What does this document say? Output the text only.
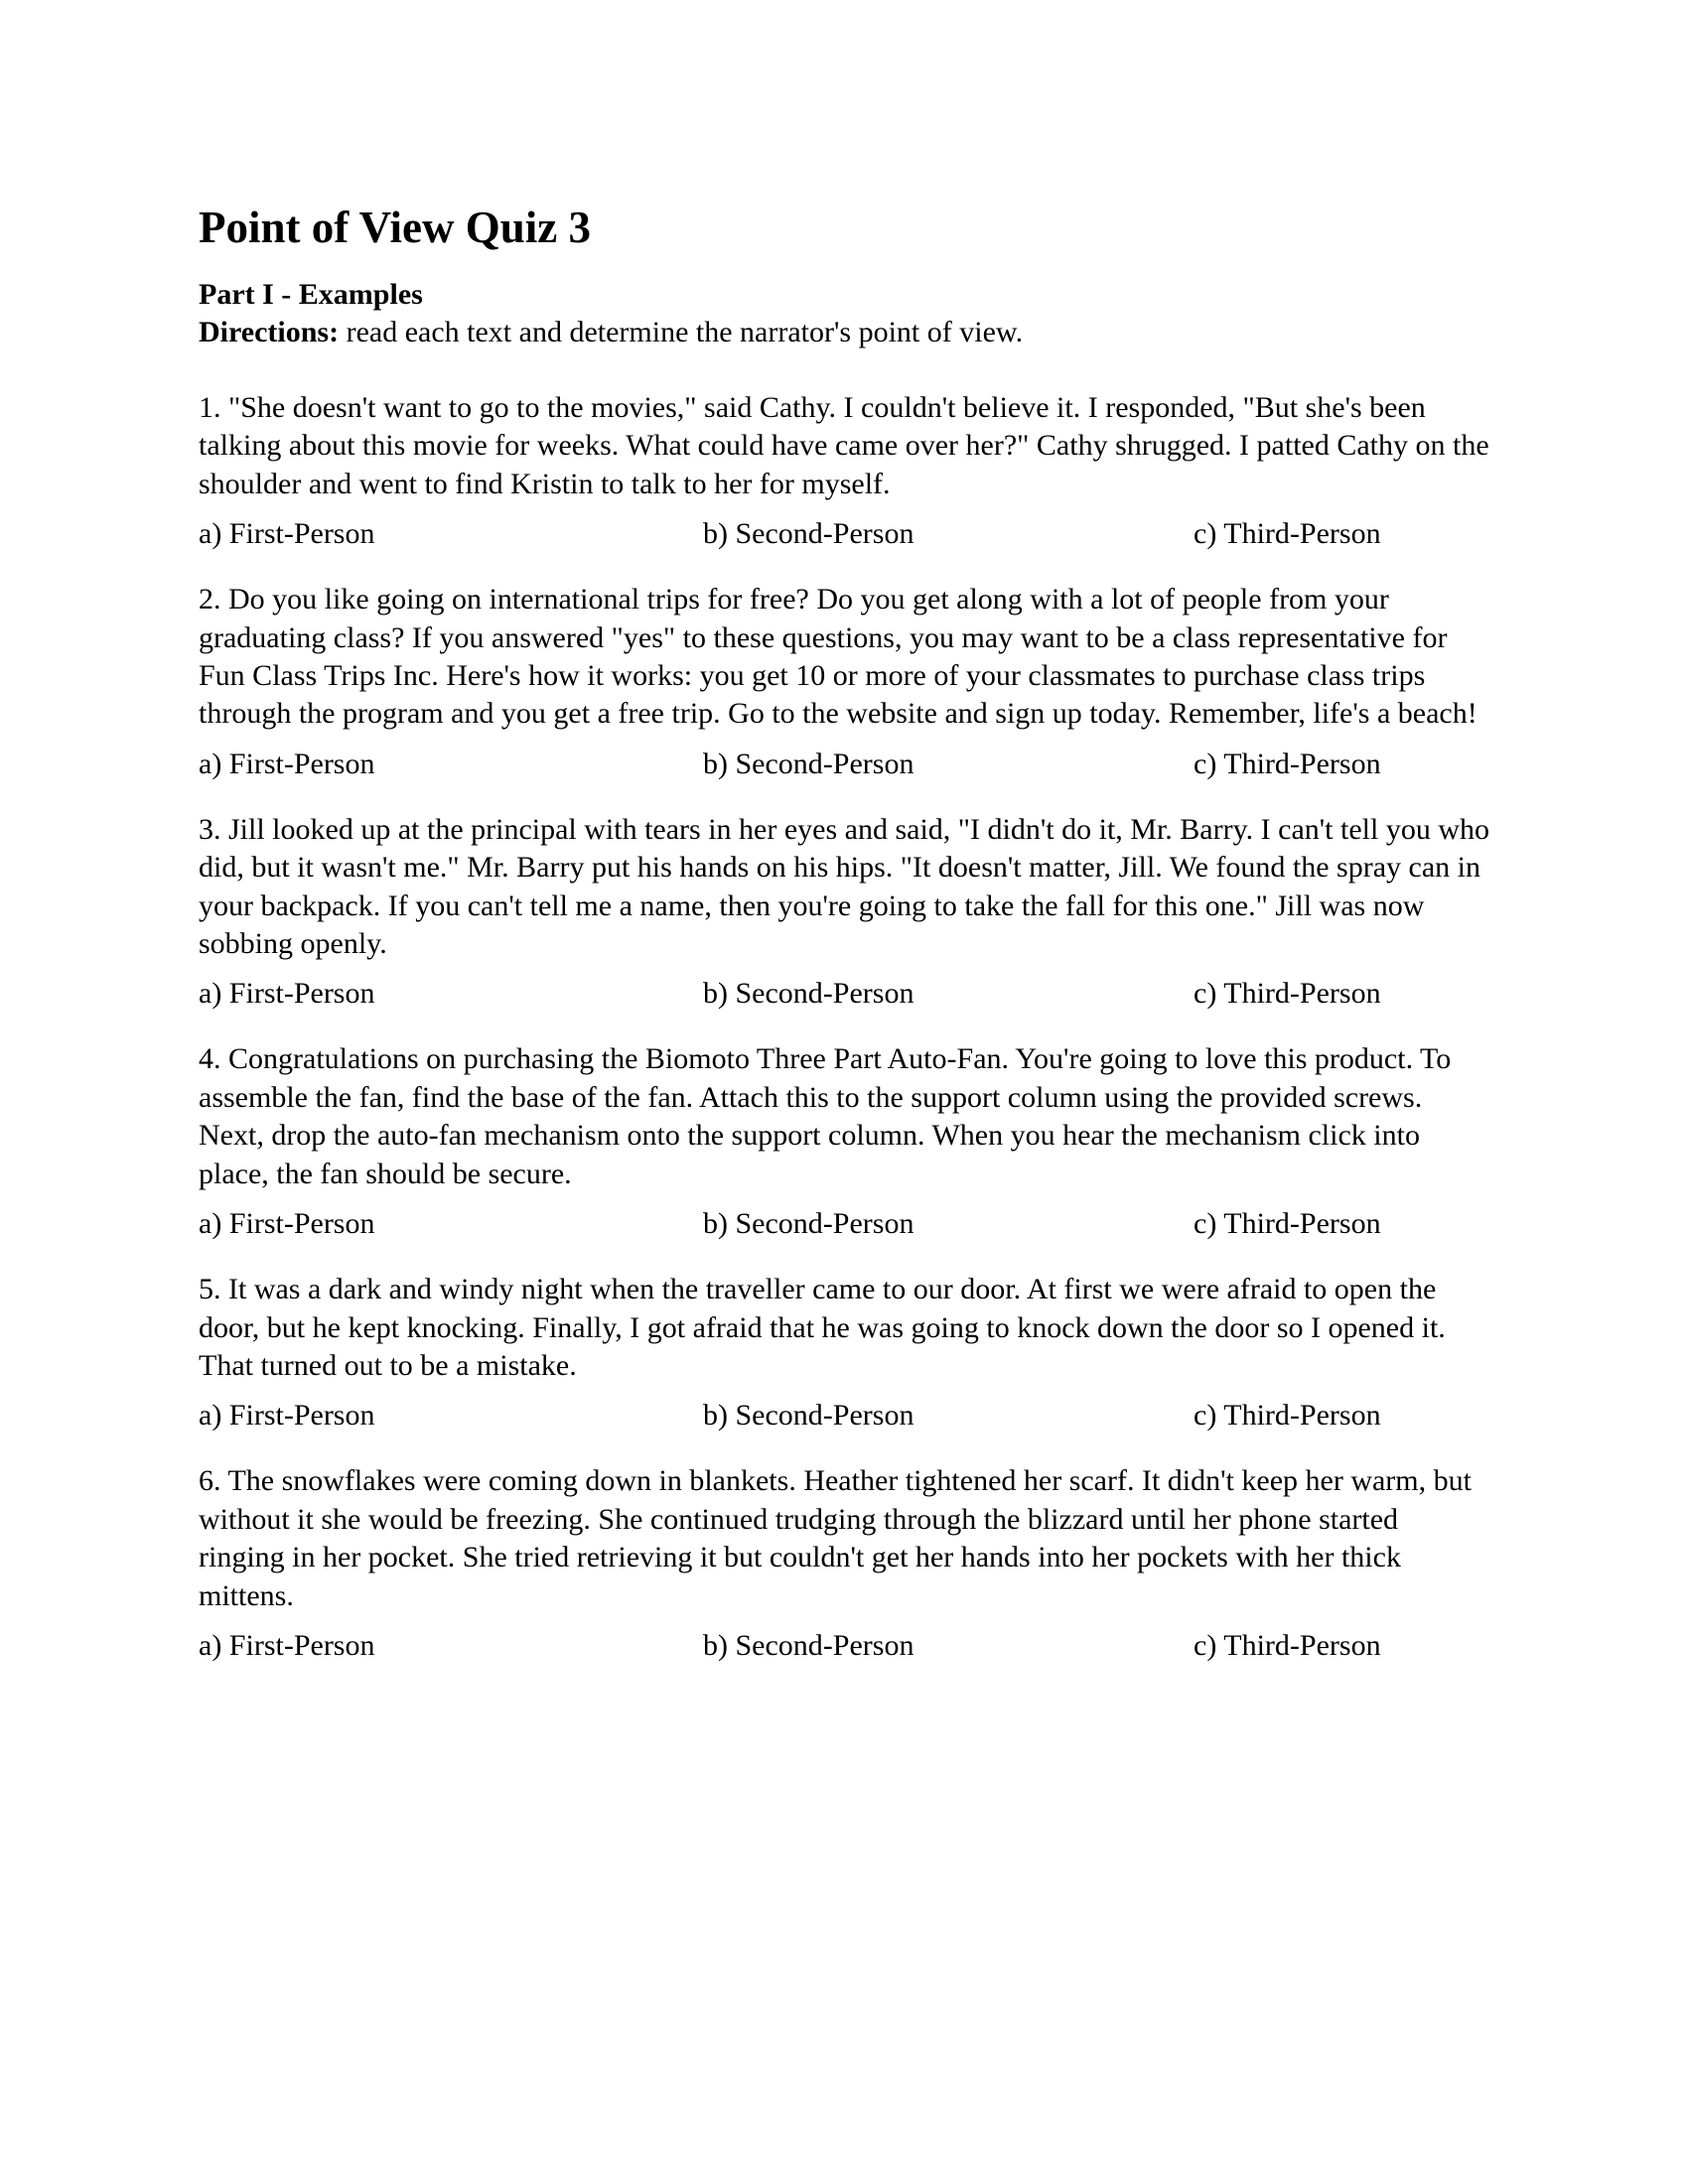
Point of View Quiz 3
Part I - Examples
Directions: read each text and determine the narrator's point of view.

1. "She doesn't want to go to the movies," said Cathy. I couldn't believe it. I responded, "But she's been talking about this movie for weeks. What could have came over her?" Cathy shrugged. I patted Cathy on the shoulder and went to find Kristin to talk to her for myself.

a) First-Person	b) Second-Person	c) Third-Person

2. Do you like going on international trips for free? Do you get along with a lot of people from your graduating class? If you answered "yes" to these questions, you may want to be a class representative for Fun Class Trips Inc. Here's how it works: you get 10 or more of your classmates to purchase class trips through the program and you get a free trip. Go to the website and sign up today. Remember, life's a beach!

a) First-Person	b) Second-Person	c) Third-Person

3. Jill looked up at the principal with tears in her eyes and said, "I didn't do it, Mr. Barry. I can't tell you who did, but it wasn't me." Mr. Barry put his hands on his hips. "It doesn't matter, Jill. We found the spray can in your backpack. If you can't tell me a name, then you're going to take the fall for this one." Jill was now sobbing openly.

a) First-Person	b) Second-Person	c) Third-Person

4. Congratulations on purchasing the Biomoto Three Part Auto-Fan. You're going to love this product. To assemble the fan, find the base of the fan. Attach this to the support column using the provided screws. Next, drop the auto-fan mechanism onto the support column. When you hear the mechanism click into place, the fan should be secure.

a) First-Person	b) Second-Person	c) Third-Person

5. It was a dark and windy night when the traveller came to our door. At first we were afraid to open the door, but he kept knocking. Finally, I got afraid that he was going to knock down the door so I opened it. That turned out to be a mistake.

a) First-Person	b) Second-Person	c) Third-Person

6. The snowflakes were coming down in blankets. Heather tightened her scarf. It didn't keep her warm, but without it she would be freezing. She continued trudging through the blizzard until her phone started ringing in her pocket. She tried retrieving it but couldn't get her hands into her pockets with her thick mittens.

a) First-Person	b) Second-Person	c) Third-Person
